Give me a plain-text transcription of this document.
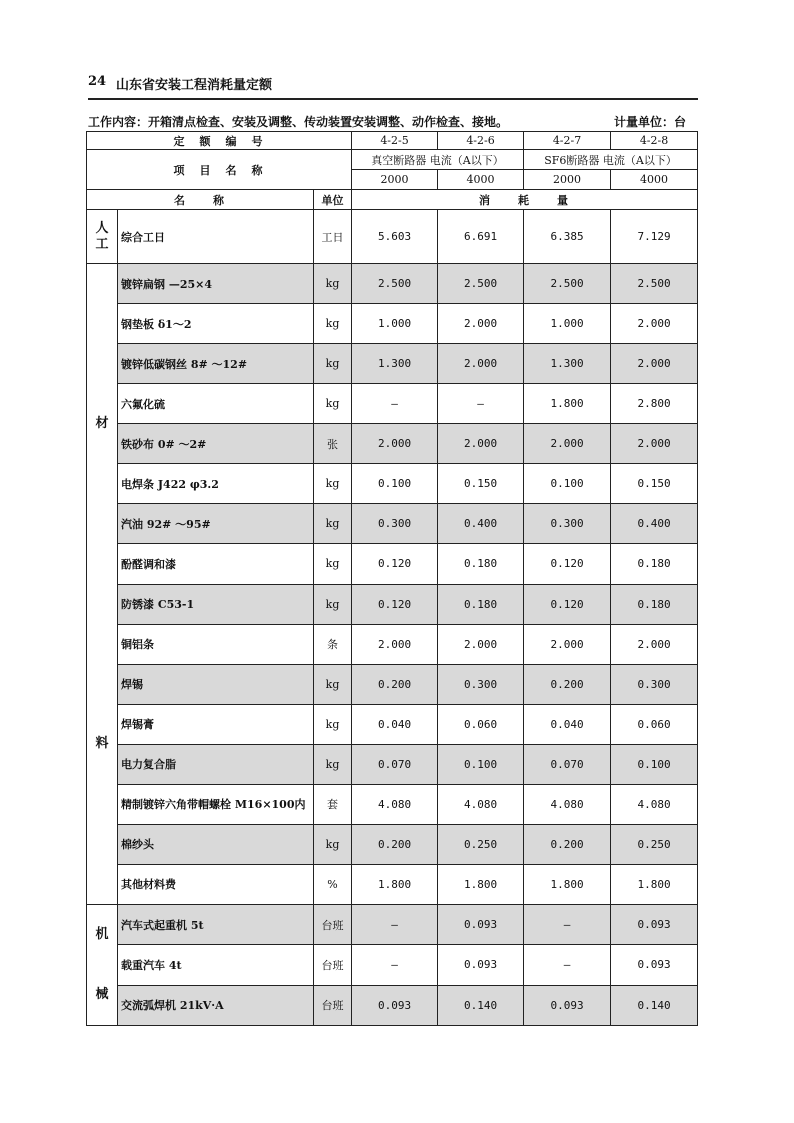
24 山东省安装工程消耗量定额
工作内容：开箱清点检查、安装及调整、传动装置安装调整、动作检查、接地。	计量单位：台
定　额　编　号			4-2-5	4-2-6	4-2-7	4-2-8
项　目　名　称			真空断路器 电流（A以下）		SF6断路器 电流（A以下）	
			2000	4000	2000	4000
名　　称		单位	消　　耗　　量			

人
工	综合工日	工日	5.603	6.691	6.385	7.129

材
料	镀锌扁钢 —25×4	kg	2.500	2.500	2.500	2.500
	钢垫板 δ1～2	kg	1.000	2.000	1.000	2.000
	镀锌低碳钢丝 8# ～12#	kg	1.300	2.000	1.300	2.000
	六氟化硫	kg	—	—	1.800	2.800
	铁砂布 0# ～2#	张	2.000	2.000	2.000	2.000
	电焊条 J422 φ3.2	kg	0.100	0.150	0.100	0.150
	汽油 92# ～95#	kg	0.300	0.400	0.300	0.400
	酚醛调和漆	kg	0.120	0.180	0.120	0.180
	防锈漆 C53-1	kg	0.120	0.180	0.120	0.180
	铜铝条	条	2.000	2.000	2.000	2.000
	焊锡	kg	0.200	0.300	0.200	0.300
	焊锡膏	kg	0.040	0.060	0.040	0.060
	电力复合脂	kg	0.070	0.100	0.070	0.100
	精制镀锌六角带帽螺栓 M16×100内	套	4.080	4.080	4.080	4.080
	棉纱头	kg	0.200	0.250	0.200	0.250
	其他材料费	%	1.800	1.800	1.800	1.800

机
械	汽车式起重机 5t	台班	—	0.093	—	0.093
	载重汽车 4t	台班	—	0.093	—	0.093
	交流弧焊机 21kV·A	台班	0.093	0.140	0.093	0.140
